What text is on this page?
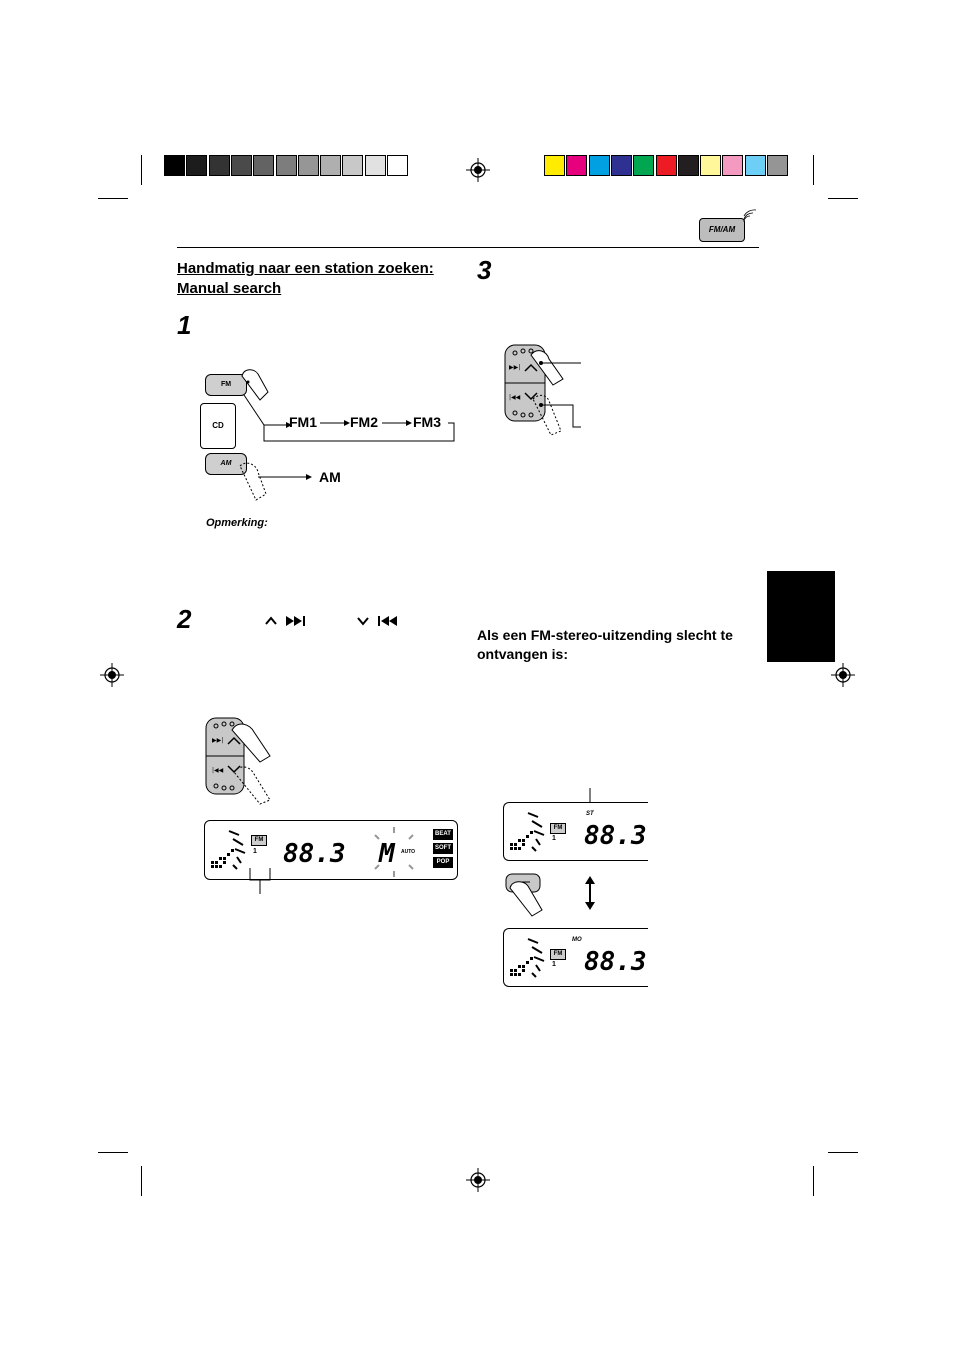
FM/AM
Handmatig naar een station zoeken:
Manual search
1
FM
CD
AM
FM1 FM2	FM3
AM
Opmerking:
2
▶▶|
|◀◀
FM
1 88.3 M AUTO
BEAT
SOFT
POP
3
▶▶|
|◀◀
Als een FM-stereo-uitzending slecht te
ontvangen is:
ST
FM
1 88.3
MO
FM
1 88.3
